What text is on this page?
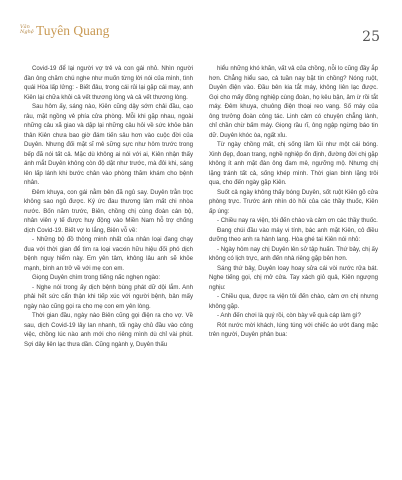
Văn Nghệ Tuyên Quang	25

Covid-19 để lại người vợ trẻ và con gái nhỏ. Nhìn người đàn ông chăm chú nghe như muốn từng lời nói của mình, tình quái Hòa lấp lửng: - Biết đâu, trong cái rủi lại gặp cái may, anh Kiên lại chữa khỏi cả vết thương lòng và cả vết thương lòng.

Sau hôm ấy, sáng nào, Kiên cũng dậy sớm chải đầu, cạo râu, mặt ngồng vẻ phía cửa phòng. Mỗi khi gặp nhau, ngoài những câu xã giao và dặp lại những câu hỏi về sức khỏe bản thân Kiên chưa bao giờ đám tiến sâu hơn vào cuộc đời của Duyên. Nhưng đối mặt sĩ mê sững sực như hôm trước trong bếp đã nói tất cả. Mặc dù không ai nói với ai, Kiên nhận thấy ánh mắt Duyên không còn độ dặt như trước, mà đôi khi, sáng lên lấp lánh khi bước chân vào phòng thăm khám cho bệnh nhân.

Đêm khuya, con gái nằm bên đã ngủ say. Duyên trằn trọc không sao ngủ được. Ký ức đau thương lâm mất chi nhòa nước. Bốn năm trước, Biên, chồng chị cùng đoàn cán bộ, nhân viên y tế được huy động vào Miền Nam hỗ trợ chống dịch Covid-19. Biết vợ lo lắng, Biên vỗ về:

- Những bộ đồ thông minh nhất của nhân loại đang chạy đua với thời gian để tìm ra loại vacxin hữu hiệu đối phó dịch bệnh nguy hiểm này. Em yên tâm, không lâu anh sẽ khỏe mạnh, bình an trở về với mẹ con em.

Giọng Duyên chìm trong tiếng nấc nghẹn ngào:

- Nghe nói trong ấy dịch bệnh bùng phát dữ dội lắm. Anh phải hết sức cẩn thận khi tiếp xúc với người bệnh, bản mấy ngày nào cũng gọi ra cho mẹ con em yên lòng.

Thời gian đầu, ngày nào Biên cũng gọi điện ra cho vợ. Về sau, dịch Covid-19 lây lan nhanh, tối ngày chủ đầu vào công việc, chồng lúc nào anh mới cho riêng mình dù chỉ vài phút. Sợi dây liên lạc thưa dần. Cũng ngành y, Duyên thấu

hiểu những khó khăn, vất vả của chồng, nỗi lo cũng đầy ắp hơn. Chẳng hiểu sao, cả tuần nay bặt tin chồng? Nóng ruột, Duyên điện vào. Đầu bên kia tắt máy, không liên lạc được. Gọi cho mấy đồng nghiệp cùng đoàn, họ kêu bận, âm ừ rồi tắt máy. Đêm khuya, chuông điện thoại reo vang. Số máy của ông trưởng đoàn công tác. Linh cảm có chuyện chẳng lành, chỉ chần chừ bấm máy. Giọng rầu rĩ, ông ngập ngừng báo tin dữ. Duyên khóc òa, ngất xỉu.

Từ ngày chồng mất, chị sống lầm lũi như một cái bóng. Xinh đẹp, đoan trang, nghề nghiệp ổn định, đường đời chị gặp không ít anh mặt đàn ông đam mê, ngưỡng mộ. Nhưng chị lặng tránh tất cả, sống khép mình. Thời gian bình lặng trôi qua, cho đến ngày gặp Kiên.

Suốt cả ngày không thấy bóng Duyên, sốt ruột Kiên gõ cửa phòng trực. Trước ánh nhìn dò hỏi của các thầy thuốc, Kiên ấp úng:

- Chiều nay ra viện, tôi đến chào và cảm ơn các thầy thuốc.

Đang chúi đầu vào máy vi tính, bác anh mặt Kiên, cô điều dưỡng theo anh ra hành lang. Hòa ghé tai Kiên nói nhỏ:

- Ngày hôm nay chị Duyên lên sở tập huấn. Thứ bảy, chị ấy không có lịch trực, anh đến nhà riêng gặp bên hơn.

Sáng thứ bảy, Duyên loay hoay sửa cái vòi nước rửa bát. Nghe tiếng gọi, chị mở cửa. Tay xách giỏ quả, Kiên ngượng nghịu:

- Chiều qua, được ra viện tôi đến chào, cảm ơn chị nhưng không gặp.

- Anh đến chơi là quý rồi, còn bày vẽ quà cáp làm gì?

Rót nước mời khách, lúng túng với chiếc áo ướt đang mặc trên người, Duyên phân bua:
